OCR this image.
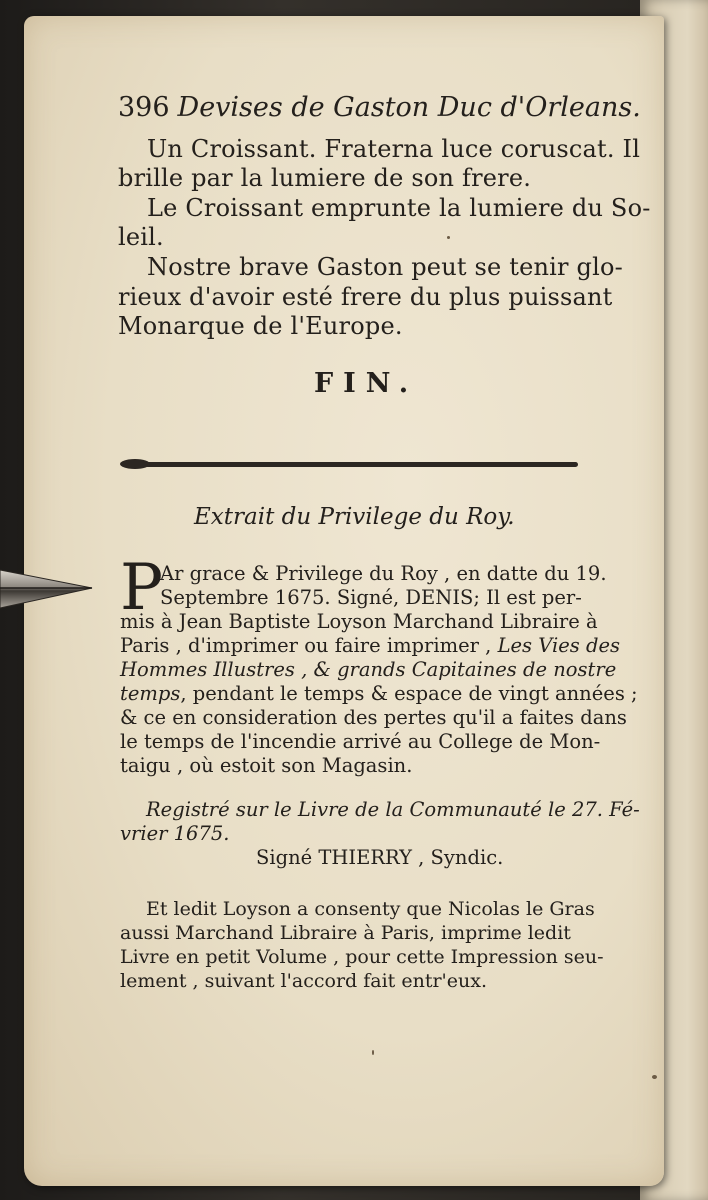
396 Devises de Gaston Duc d'Orleans.
Un Croissant. Fraterna luce coruscat. Il
brille par la lumiere de son frere.
Le Croissant emprunte la lumiere du So-
leil.
Nostre brave Gaston peut se tenir glo-
rieux d'avoir esté frere du plus puissant
Monarque de l'Europe.
FIN.
Extrait du Privilege du Roy.
P
Ar grace & Privilege du Roy , en datte du 19.
Septembre 1675. Signé, DENIS; Il est per-
mis à Jean Baptiste Loyson Marchand Libraire à
Paris , d'imprimer ou faire imprimer , Les Vies des
Hommes Illustres , & grands Capitaines de nostre
temps, pendant le temps & espace de vingt années ;
& ce en consideration des pertes qu'il a faites dans
le temps de l'incendie arrivé au College de Mon-
taigu , où estoit son Magasin.
Registré sur le Livre de la Communauté le 27. Fé-
vrier 1675.
Signé THIERRY , Syndic.
Et ledit Loyson a consenty que Nicolas le Gras
aussi Marchand Libraire à Paris, imprime ledit
Livre en petit Volume , pour cette Impression seu-
lement , suivant l'accord fait entr'eux.
